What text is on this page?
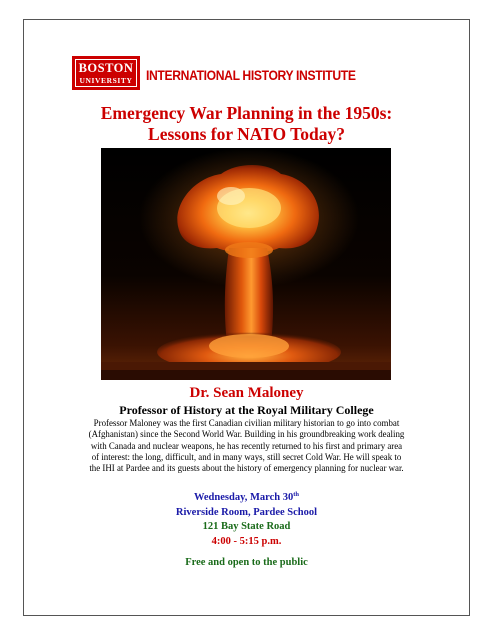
BOSTON
UNIVERSITY INTERNATIONAL HISTORY INSTITUTE
Emergency War Planning in the 1950s:
Lessons for NATO Today?
Dr. Sean Maloney
Professor of History at the Royal Military College
Professor Maloney was the first Canadian civilian military historian to go into combat
(Afghanistan) since the Second World War. Building in his groundbreaking work dealing
with Canada and nuclear weapons, he has recently returned to his first and primary area
of interest: the long, difficult, and in many ways, still secret Cold War. He will speak to
the IHI at Pardee and its guests about the history of emergency planning for nuclear war.
Wednesday, March 30th
Riverside Room, Pardee School
121 Bay State Road
4:00 - 5:15 p.m.
Free and open to the public
